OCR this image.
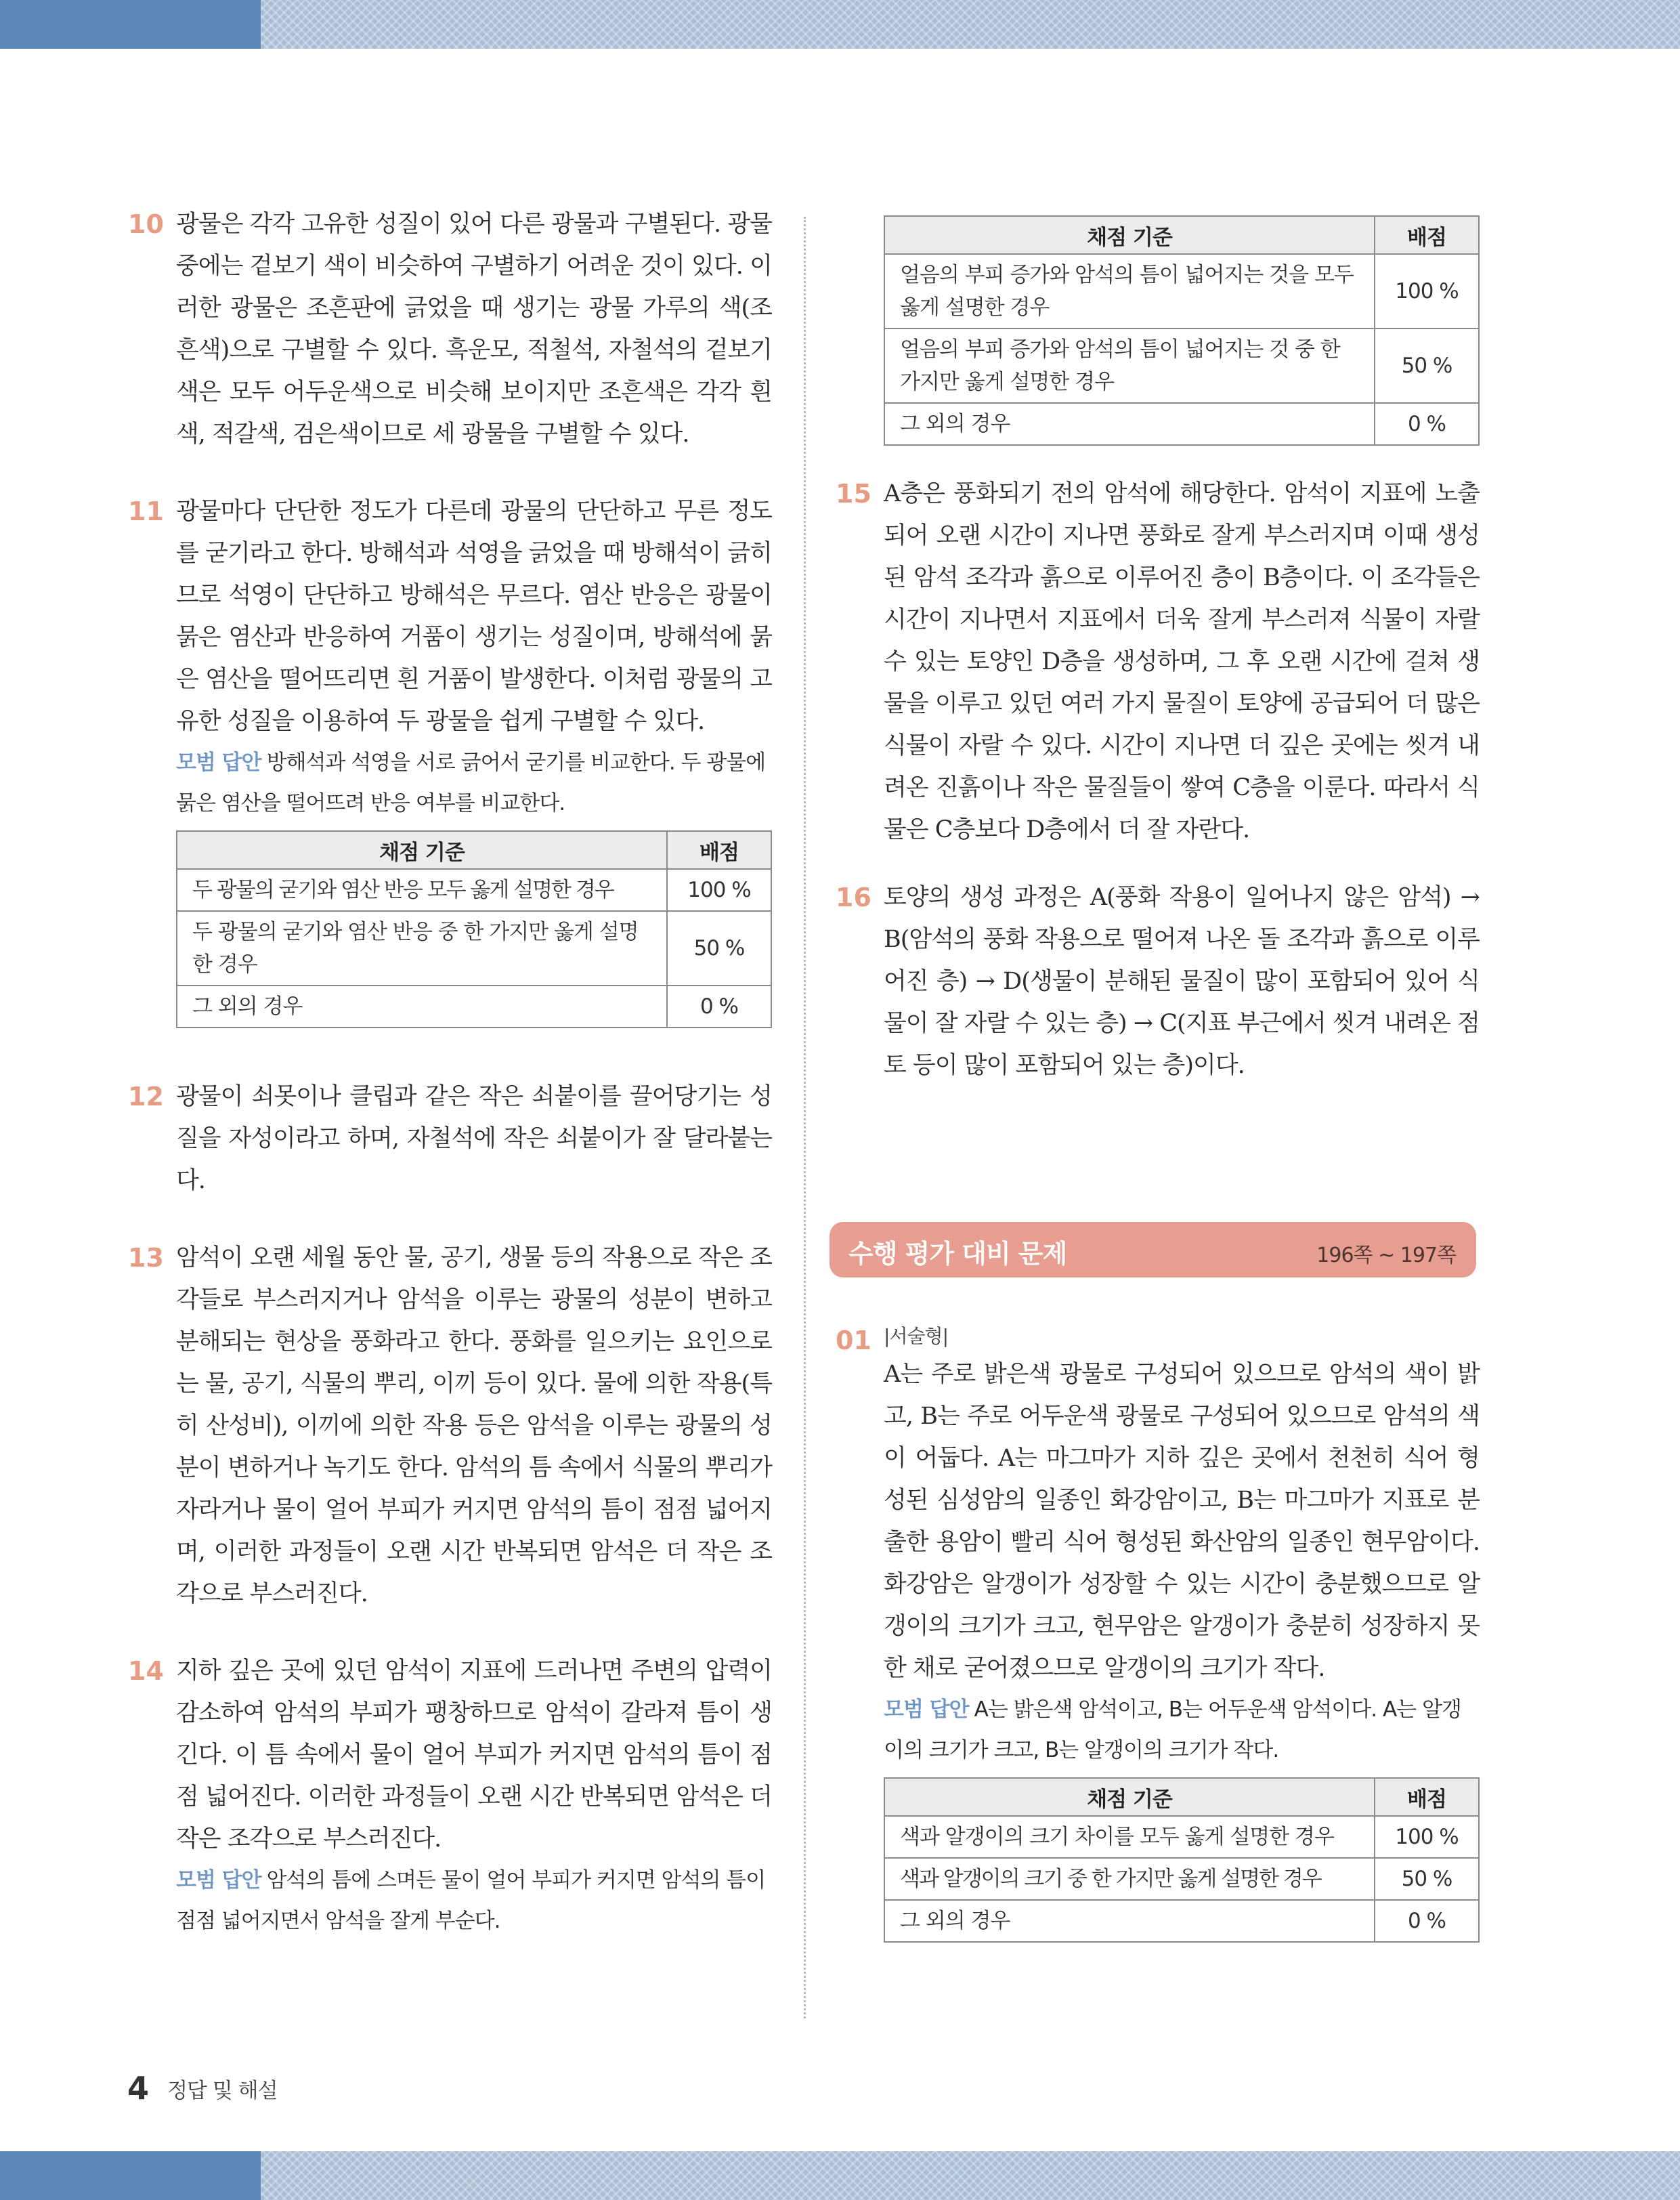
10 광물은 각각 고유한 성질이 있어 다른 광물과 구별된다. 광물 중에는 겉보기 색이 비슷하여 구별하기 어려운 것이 있다. 이러한 광물은 조흔판에 긁었을 때 생기는 광물 가루의 색(조흔색)으로 구별할 수 있다. 흑운모, 적철석, 자철석의 겉보기 색은 모두 어두운색으로 비슷해 보이지만 조흔색은 각각 흰색, 적갈색, 검은색이므로 세 광물을 구별할 수 있다.

11 광물마다 단단한 정도가 다른데 광물의 단단하고 무른 정도를 굳기라고 한다. 방해석과 석영을 긁었을 때 방해석이 긁히므로 석영이 단단하고 방해석은 무르다. 염산 반응은 광물이 묽은 염산과 반응하여 거품이 생기는 성질이며, 방해석에 묽은 염산을 떨어뜨리면 흰 거품이 발생한다. 이처럼 광물의 고유한 성질을 이용하여 두 광물을 쉽게 구별할 수 있다.

모범 답안 방해석과 석영을 서로 긁어서 굳기를 비교한다. 두 광물에 묽은 염산을 떨어뜨려 반응 여부를 비교한다.

채점 기준	배점
두 광물의 굳기와 염산 반응 모두 옳게 설명한 경우	100 %
두 광물의 굳기와 염산 반응 중 한 가지만 옳게 설명한 경우	50 %
그 외의 경우	0 %
12 광물이 쇠못이나 클립과 같은 작은 쇠붙이를 끌어당기는 성질을 자성이라고 하며, 자철석에 작은 쇠붙이가 잘 달라붙는다.

13 암석이 오랜 세월 동안 물, 공기, 생물 등의 작용으로 작은 조각들로 부스러지거나 암석을 이루는 광물의 성분이 변하고 분해되는 현상을 풍화라고 한다. 풍화를 일으키는 요인으로는 물, 공기, 식물의 뿌리, 이끼 등이 있다. 물에 의한 작용(특히 산성비), 이끼에 의한 작용 등은 암석을 이루는 광물의 성분이 변하거나 녹기도 한다. 암석의 틈 속에서 식물의 뿌리가 자라거나 물이 얼어 부피가 커지면 암석의 틈이 점점 넓어지며, 이러한 과정들이 오랜 시간 반복되면 암석은 더 작은 조각으로 부스러진다.

14 지하 깊은 곳에 있던 암석이 지표에 드러나면 주변의 압력이 감소하여 암석의 부피가 팽창하므로 암석이 갈라져 틈이 생긴다. 이 틈 속에서 물이 얼어 부피가 커지면 암석의 틈이 점점 넓어진다. 이러한 과정들이 오랜 시간 반복되면 암석은 더 작은 조각으로 부스러진다.

모범 답안 암석의 틈에 스며든 물이 얼어 부피가 커지면 암석의 틈이 점점 넓어지면서 암석을 잘게 부순다.

채점 기준	배점
얼음의 부피 증가와 암석의 틈이 넓어지는 것을 모두 옳게 설명한 경우	100 %
얼음의 부피 증가와 암석의 틈이 넓어지는 것 중 한 가지만 옳게 설명한 경우	50 %
그 외의 경우	0 %
15 A층은 풍화되기 전의 암석에 해당한다. 암석이 지표에 노출되어 오랜 시간이 지나면 풍화로 잘게 부스러지며 이때 생성된 암석 조각과 흙으로 이루어진 층이 B층이다. 이 조각들은 시간이 지나면서 지표에서 더욱 잘게 부스러져 식물이 자랄 수 있는 토양인 D층을 생성하며, 그 후 오랜 시간에 걸쳐 생물을 이루고 있던 여러 가지 물질이 토양에 공급되어 더 많은 식물이 자랄 수 있다. 시간이 지나면 더 깊은 곳에는 씻겨 내려온 진흙이나 작은 물질들이 쌓여 C층을 이룬다. 따라서 식물은 C층보다 D층에서 더 잘 자란다.

16 토양의 생성 과정은 A(풍화 작용이 일어나지 않은 암석) → B(암석의 풍화 작용으로 떨어져 나온 돌 조각과 흙으로 이루어진 층) → D(생물이 분해된 물질이 많이 포함되어 있어 식물이 잘 자랄 수 있는 층) → C(지표 부근에서 씻겨 내려온 점토 등이 많이 포함되어 있는 층)이다.

수행 평가 대비 문제	196쪽 ~ 197쪽
01 |서술형|

A는 주로 밝은색 광물로 구성되어 있으므로 암석의 색이 밝고, B는 주로 어두운색 광물로 구성되어 있으므로 암석의 색이 어둡다. A는 마그마가 지하 깊은 곳에서 천천히 식어 형성된 심성암의 일종인 화강암이고, B는 마그마가 지표로 분출한 용암이 빨리 식어 형성된 화산암의 일종인 현무암이다. 화강암은 알갱이가 성장할 수 있는 시간이 충분했으므로 알갱이의 크기가 크고, 현무암은 알갱이가 충분히 성장하지 못한 채로 굳어졌으므로 알갱이의 크기가 작다.

모범 답안 A는 밝은색 암석이고, B는 어두운색 암석이다. A는 알갱이의 크기가 크고, B는 알갱이의 크기가 작다.

채점 기준	배점
색과 알갱이의 크기 차이를 모두 옳게 설명한 경우	100 %
색과 알갱이의 크기 중 한 가지만 옳게 설명한 경우	50 %
그 외의 경우	0 %
4 정답 및 해설
